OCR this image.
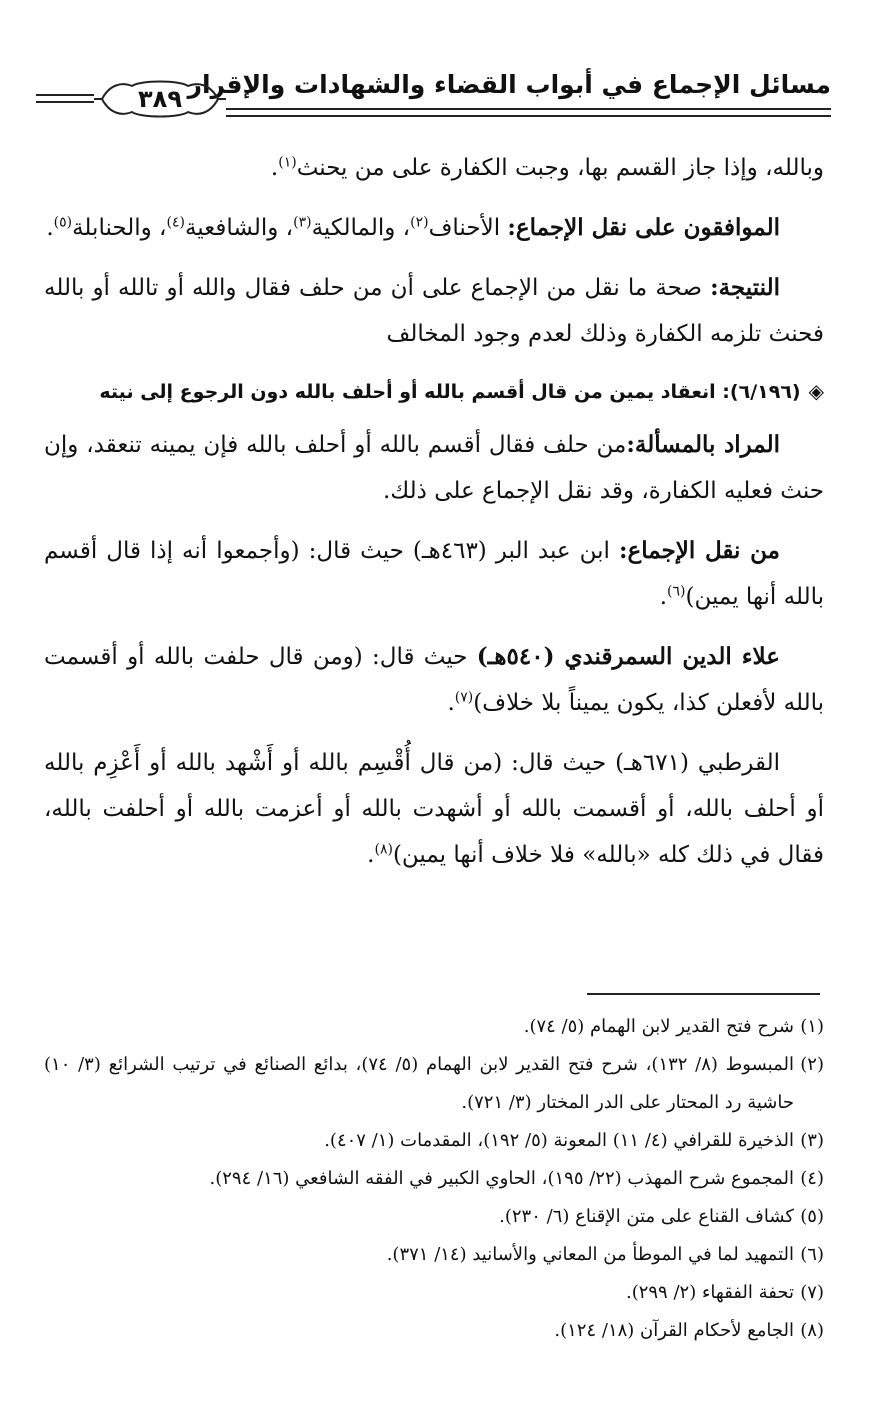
مسائل الإجماع في أبواب القضاء والشهادات والإقرار
٣٨٩

وبالله، وإذا جاز القسم بها، وجبت الكفارة على من يحنث$^{(١)}$.

الموافقون على نقل الإجماع: الأحناف$^{(٢)}$، والمالكية$^{(٣)}$، والشافعية$^{(٤)}$، والحنابلة$^{(٥)}$.

النتيجة: صحة ما نقل من الإجماع على أن من حلف فقال والله أو تالله أو بالله فحنث تلزمه الكفارة وذلك لعدم وجود المخالف

◈(٦/١٩٦): انعقاد يمين من قال أقسم بالله أو أحلف بالله دون الرجوع إلى نيته

المراد بالمسألة:من حلف فقال أقسم بالله أو أحلف بالله فإن يمينه تنعقد، وإن حنث فعليه الكفارة، وقد نقل الإجماع على ذلك.

من نقل الإجماع: ابن عبد البر (٤٦٣هـ) حيث قال: (وأجمعوا أنه إذا قال أقسم بالله أنها يمين)$^{(٦)}$.

علاء الدين السمرقندي (٥٤٠هـ) حيث قال: (ومن قال حلفت بالله أو أقسمت بالله لأفعلن كذا، يكون يميناً بلا خلاف)$^{(٧)}$.

القرطبي (٦٧١هـ) حيث قال: (من قال أُقْسِم بالله أو أَشْهد بالله أو أَعْزِم بالله أو أحلف بالله، أو أقسمت بالله أو أشهدت بالله أو أعزمت بالله أو أحلفت بالله، فقال في ذلك كله «بالله» فلا خلاف أنها يمين)$^{(٨)}$.

(١)شرح فتح القدير لابن الهمام (٥/ ٧٤).

(٢)المبسوط (٨/ ١٣٢)، شرح فتح القدير لابن الهمام (٥/ ٧٤)، بدائع الصنائع في ترتيب الشرائع (٣/ ١٠) حاشية رد المحتار على الدر المختار (٣/ ٧٢١).

(٣)الذخيرة للقرافي (٤/ ١١) المعونة (٥/ ١٩٢)، المقدمات (١/ ٤٠٧).

(٤)المجموع شرح المهذب (٢٢/ ١٩٥)، الحاوي الكبير في الفقه الشافعي (١٦/ ٢٩٤).

(٥)كشاف القناع على متن الإقناع (٦/ ٢٣٠).

(٦)التمهيد لما في الموطأ من المعاني والأسانيد (١٤/ ٣٧١).

(٧)تحفة الفقهاء (٢/ ٢٩٩).

(٨)الجامع لأحكام القرآن (١٨/ ١٢٤).
